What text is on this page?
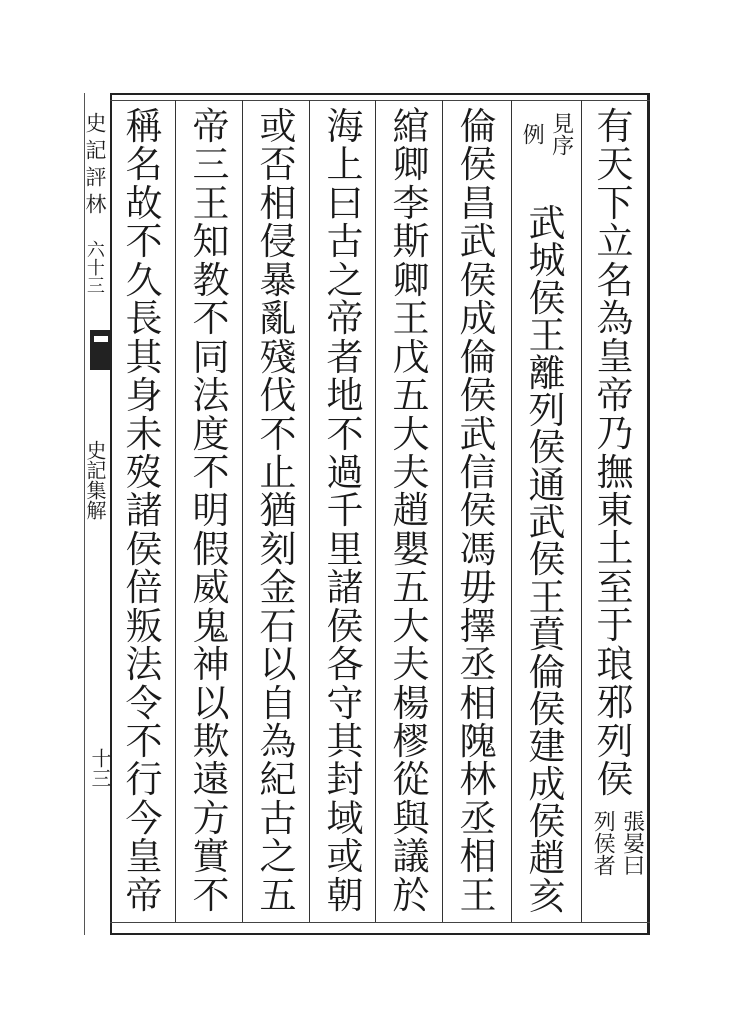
史記評林
六十三
史記集解
十三
有
天
下
立
名
為
皇
帝
乃
撫
東
土
至
于
琅
邪
列
侯
張晏曰
列侯者
見序
例
武
城
侯
王
離
列
侯
通
武
侯
王
賁
倫
侯
建
成
侯
趙
亥
倫
侯
昌
武
侯
成
倫
侯
武
信
侯
馮
毋
擇
丞
相
隗
林
丞
相
王
綰
卿
李
斯
卿
王
戊
五
大
夫
趙
嬰
五
大
夫
楊
樛
從
與
議
於
海
上
曰
古
之
帝
者
地
不
過
千
里
諸
侯
各
守
其
封
域
或
朝
或
否
相
侵
暴
亂
殘
伐
不
止
猶
刻
金
石
以
自
為
紀
古
之
五
帝
三
王
知
教
不
同
法
度
不
明
假
威
鬼
神
以
欺
遠
方
實
不
稱
名
故
不
久
長
其
身
未
歿
諸
侯
倍
叛
法
令
不
行
今
皇
帝
